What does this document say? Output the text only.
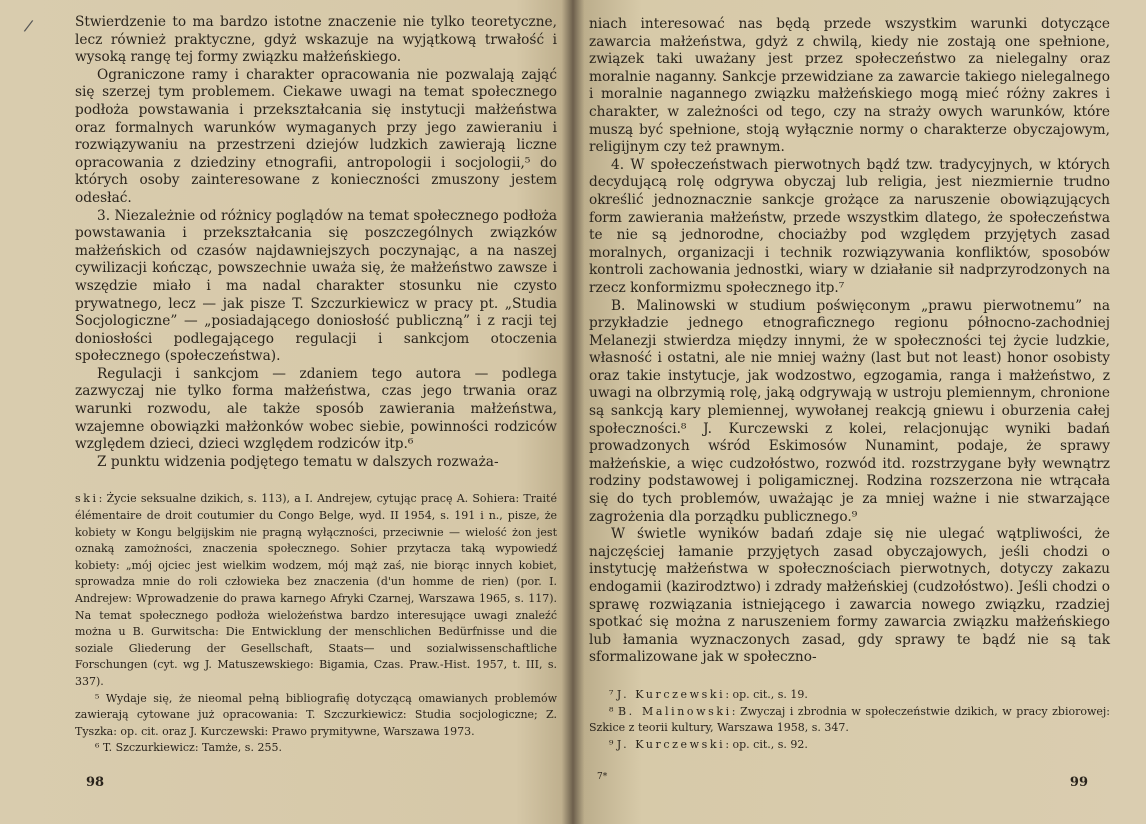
/	Stwierdzenie to ma bardzo istotne znaczenie nie tylko teoretyczne, lecz również praktyczne, gdyż wskazuje na wyjątkową trwałość i wysoką rangę tej formy związku małżeńskiego.

Ograniczone ramy i charakter opracowania nie pozwalają zająć się szerzej tym problemem. Ciekawe uwagi na temat społecznego podłoża powstawania i przekształcania się instytucji małżeństwa oraz formalnych warunków wymaganych przy jego zawieraniu i rozwiązywaniu na przestrzeni dziejów ludzkich zawierają liczne opracowania z dziedziny etnografii, antropologii i socjologii,⁵ do których osoby zainteresowane z konieczności zmuszony jestem odesłać.

3. Niezależnie od różnicy poglądów na temat społecznego podłoża powstawania i przekształcania się poszczególnych związków małżeńskich od czasów najdawniejszych poczynając, a na naszej cywilizacji kończąc, powszechnie uważa się, że małżeństwo zawsze i wszędzie miało i ma nadal charakter stosunku nie czysto prywatnego, lecz — jak pisze T. Szczurkiewicz w pracy pt. „Studia Socjologiczne” — „posiadającego doniosłość publiczną” i z racji tej doniosłości podlegającego regulacji i sankcjom otoczenia społecznego (społeczeństwa).

Regulacji i sankcjom — zdaniem tego autora — podlega zazwyczaj nie tylko forma małżeństwa, czas jego trwania oraz warunki rozwodu, ale także sposób zawierania małżeństwa, wzajemne obowiązki małżonków wobec siebie, powinności rodziców względem dzieci, dzieci względem rodziców itp.⁶

Z punktu widzenia podjętego tematu w dalszych rozważa-

ski: Życie seksualne dzikich, s. 113), a I. Andrejew, cytując pracę A. Sohiera: Traité élémentaire de droit coutumier du Congo Belge, wyd. II 1954, s. 191 i n., pisze, że kobiety w Kongu belgijskim nie pragną wyłączności, przeciwnie — wielość żon jest oznaką zamożności, znaczenia społecznego. Sohier przytacza taką wypowiedź kobiety: „mój ojciec jest wielkim wodzem, mój mąż zaś, nie biorąc innych kobiet, sprowadza mnie do roli człowieka bez znaczenia (d'un homme de rien) (por. I. Andrejew: Wprowadzenie do prawa karnego Afryki Czarnej, Warszawa 1965, s. 117). Na temat społecznego podłoża wielożeństwa bardzo interesujące uwagi znaleźć można u B. Gurwitscha: Die Entwicklung der menschlichen Bedürfnisse und die soziale Gliederung der Gesellschaft, Staats— und sozialwissenschaftliche Forschungen (cyt. wg J. Matuszewskiego: Bigamia, Czas. Praw.-Hist. 1957, t. III, s. 337).

⁵ Wydaje się, że nieomal pełną bibliografię dotyczącą omawianych problemów zawierają cytowane już opracowania: T. Szczurkiewicz: Studia socjologiczne; Z. Tyszka: op. cit. oraz J. Kurczewski: Prawo prymitywne, Warszawa 1973.

⁶ T. Szczurkiewicz: Tamże, s. 255.

98

niach interesować nas będą przede wszystkim warunki dotyczące zawarcia małżeństwa, gdyż z chwilą, kiedy nie zostają one spełnione, związek taki uważany jest przez społeczeństwo za nielegalny oraz moralnie naganny. Sankcje przewidziane za zawarcie takiego nielegalnego i moralnie nagannego związku małżeńskiego mogą mieć różny zakres i charakter, w zależności od tego, czy na straży owych warunków, które muszą być spełnione, stoją wyłącznie normy o charakterze obyczajowym, religijnym czy też prawnym.

4. W społeczeństwach pierwotnych bądź tzw. tradycyjnych, w których decydującą rolę odgrywa obyczaj lub religia, jest niezmiernie trudno określić jednoznacznie sankcje grożące za naruszenie obowiązujących form zawierania małżeństw, przede wszystkim dlatego, że społeczeństwa te nie są jednorodne, chociażby pod względem przyjętych zasad moralnych, organizacji i technik rozwiązywania konfliktów, sposobów kontroli zachowania jednostki, wiary w działanie sił nadprzyrodzonych na rzecz konformizmu społecznego itp.⁷

B. Malinowski w studium poświęconym „prawu pierwotnemu” na przykładzie jednego etnograficznego regionu północno-zachodniej Melanezji stwierdza między innymi, że w społeczności tej życie ludzkie, własność i ostatni, ale nie mniej ważny (last but not least) honor osobisty oraz takie instytucje, jak wodzostwo, egzogamia, ranga i małżeństwo, z uwagi na olbrzymią rolę, jaką odgrywają w ustroju plemiennym, chronione są sankcją kary plemiennej, wywołanej reakcją gniewu i oburzenia całej społeczności.⁸ J. Kurczewski z kolei, relacjonując wyniki badań prowadzonych wśród Eskimosów Nunamint, podaje, że sprawy małżeńskie, a więc cudzołóstwo, rozwód itd. rozstrzygane były wewnątrz rodziny podstawowej i poligamicznej. Rodzina rozszerzona nie wtrącała się do tych problemów, uważając je za mniej ważne i nie stwarzające zagrożenia dla porządku publicznego.⁹

W świetle wyników badań zdaje się nie ulegać wątpliwości, że najczęściej łamanie przyjętych zasad obyczajowych, jeśli chodzi o instytucję małżeństwa w społecznościach pierwotnych, dotyczy zakazu endogamii (kazirodztwo) i zdrady małżeńskiej (cudzołóstwo). Jeśli chodzi o sprawę rozwiązania istniejącego i zawarcia nowego związku, rzadziej spotkać się można z naruszeniem formy zawarcia związku małżeńskiego lub łamania wyznaczonych zasad, gdy sprawy te bądź nie są tak sformalizowane jak w społeczno-

⁷ J. Kurczewski: op. cit., s. 19.

⁸ B. Malinowski: Zwyczaj i zbrodnia w społeczeństwie dzikich, w pracy zbiorowej: Szkice z teorii kultury, Warszawa 1958, s. 347.

⁹ J. Kurczewski: op. cit., s. 92.

7*	99
